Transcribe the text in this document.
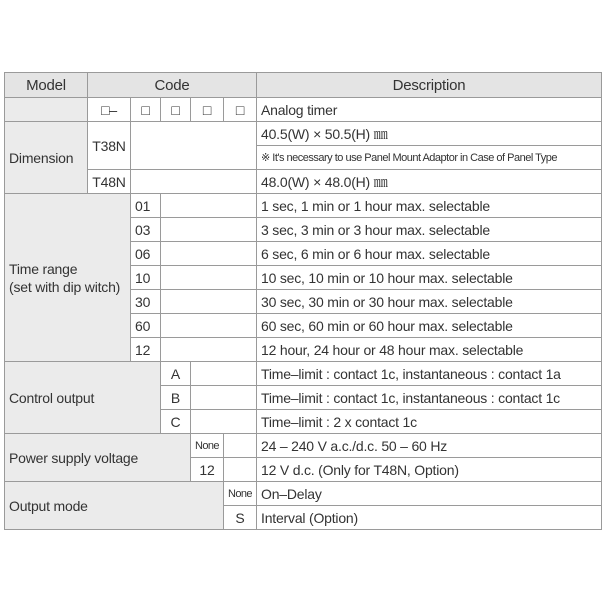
Model	Code					Description
	□–	□	□	□	□	Analog timer
Dimension	T38N					40.5(W) × 50.5(H) ㎜
						※ It's necessary to use Panel Mount Adaptor in Case of Panel Type
	T48N					48.0(W) × 48.0(H) ㎜

Time range
(set with dip witch)		01				1 sec, 1 min or 1 hour max. selectable
		03				3 sec, 3 min or 3 hour max. selectable
		06				6 sec, 6 min or 6 hour max. selectable
		10				10 sec, 10 min or 10 hour max. selectable
		30				30 sec, 30 min or 30 hour max. selectable
		60				60 sec, 60 min or 60 hour max. selectable
		12				12 hour, 24 hour or 48 hour max. selectable
Control output			A			Time–limit : contact 1c, instantaneous : contact 1a
			B			Time–limit : contact 1c, instantaneous : contact 1c
			C			Time–limit : 2 x contact 1c
Power supply voltage				None		24 – 240 V a.c./d.c. 50 – 60 Hz
				12		12 V d.c. (Only for T48N, Option)
Output mode					None	On–Delay
					S	Interval (Option)
